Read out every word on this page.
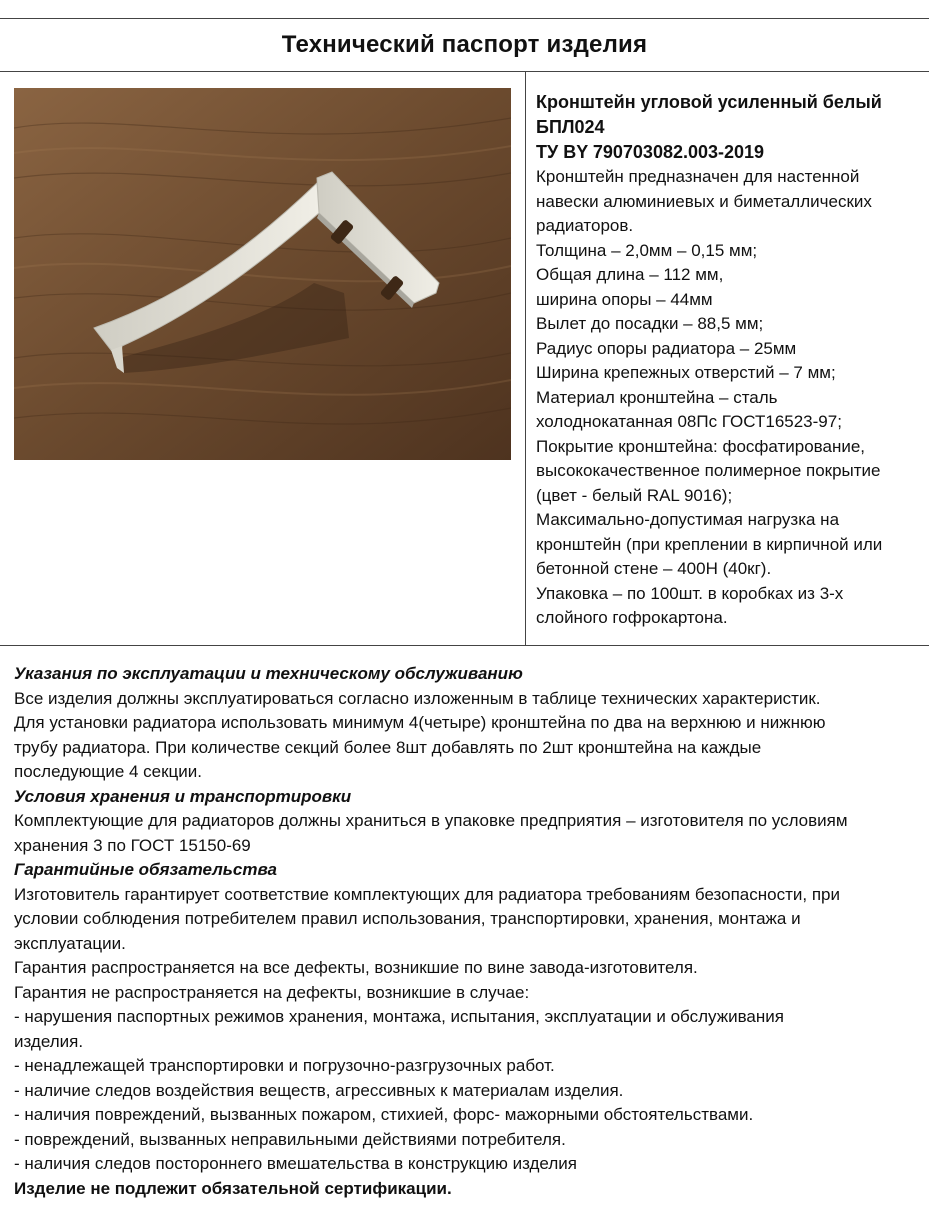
Технический паспорт изделия
Кронштейн угловой усиленный белый
БПЛ024
ТУ BY 790703082.003-2019
Кронштейн предназначен для настенной
навески алюминиевых и биметаллических
радиаторов.
Толщина – 2,0мм – 0,15 мм;
Общая длина – 112 мм,
ширина опоры – 44мм
Вылет до посадки – 88,5 мм;
Радиус опоры радиатора – 25мм
Ширина крепежных отверстий – 7 мм;
Материал кронштейна – сталь
холоднокатанная 08Пс ГОСТ16523-97;
Покрытие кронштейна: фосфатирование,
высококачественное полимерное покрытие
(цвет - белый RAL 9016);
Максимально-допустимая нагрузка на
кронштейн (при креплении в кирпичной или
бетонной стене – 400Н (40кг).
Упаковка – по 100шт. в коробках из 3-х
слойного гофрокартона.
Указания по эксплуатации и техническому обслуживанию
Все изделия должны эксплуатироваться согласно изложенным в таблице технических характеристик.
Для установки радиатора использовать минимум 4(четыре) кронштейна по два на верхнюю и нижнюю
трубу радиатора. При количестве секций более 8шт добавлять по 2шт кронштейна на каждые
последующие 4 секции.
Условия хранения и транспортировки
Комплектующие для радиаторов должны храниться в упаковке предприятия – изготовителя по условиям
хранения 3 по ГОСТ 15150-69
Гарантийные обязательства
Изготовитель гарантирует соответствие комплектующих для радиатора требованиям безопасности, при
условии соблюдения потребителем правил использования, транспортировки, хранения, монтажа и
эксплуатации.
Гарантия распространяется на все дефекты, возникшие по вине завода-изготовителя.
Гарантия не распространяется на дефекты, возникшие в случае:
- нарушения паспортных режимов хранения, монтажа, испытания, эксплуатации и обслуживания
изделия.
- ненадлежащей транспортировки и погрузочно-разгрузочных работ.
- наличие следов воздействия веществ, агрессивных к материалам изделия.
- наличия повреждений, вызванных пожаром, стихией, форс- мажорными обстоятельствами.
- повреждений, вызванных неправильными действиями потребителя.
- наличия следов постороннего вмешательства в конструкцию изделия
Изделие не подлежит обязательной сертификации.
